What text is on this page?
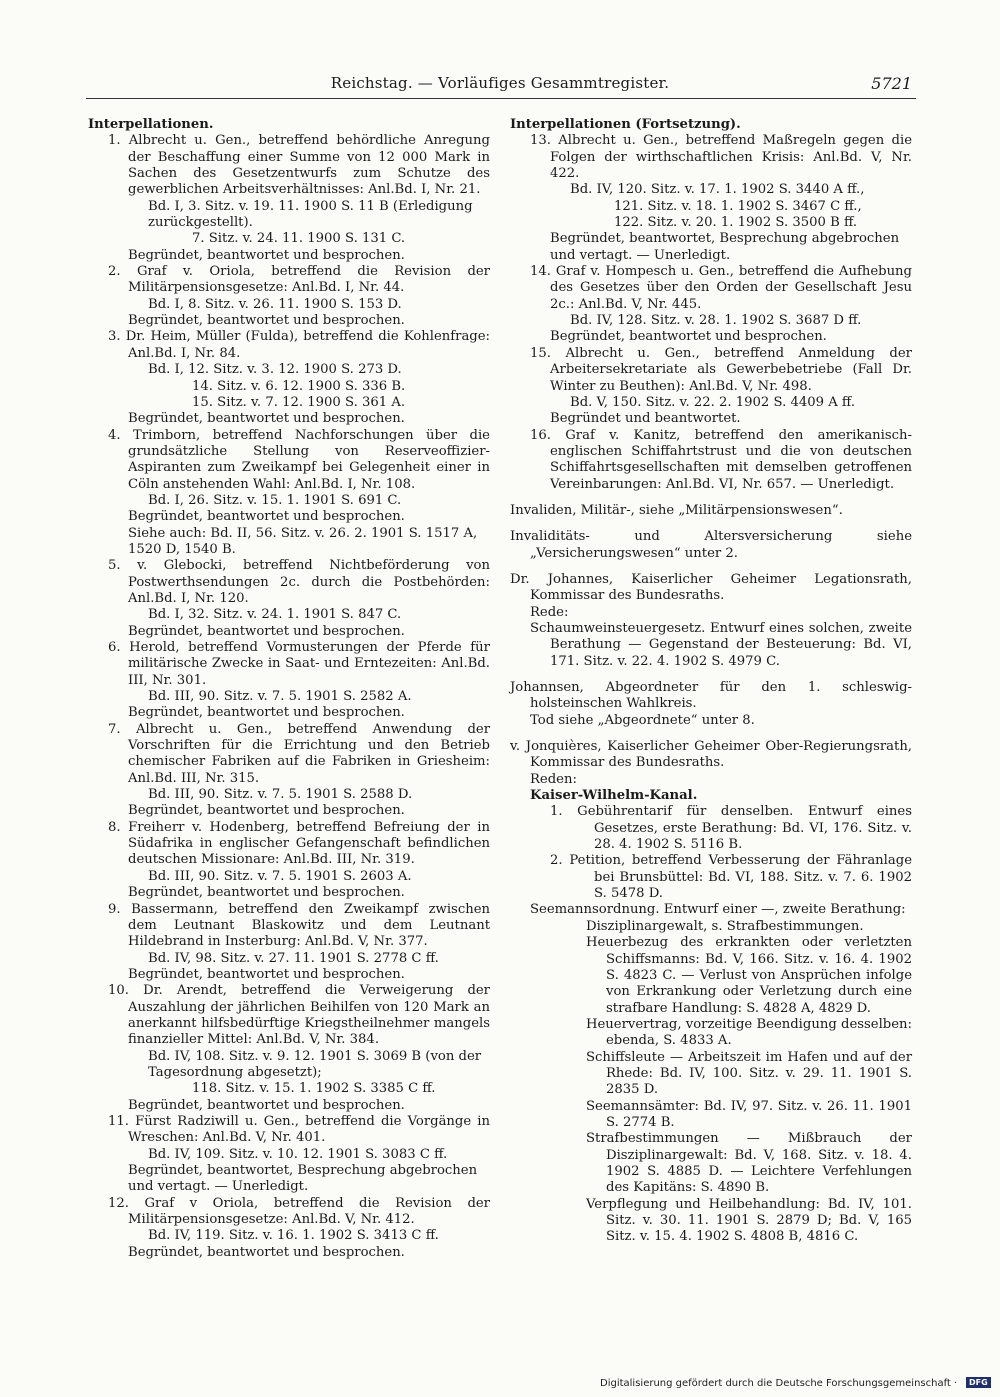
Reichstag. — Vorläufiges Gesammtregister.	5721

Interpellationen.

1. Albrecht u. Gen., betreffend behördliche Anregung der Beschaffung einer Summe von 12 000 Mark in Sachen des Gesetzentwurfs zum Schutze des gewerblichen Arbeitsverhältnisses: Anl.Bd. I, Nr. 21.

Bd. I, 3. Sitz. v. 19. 11. 1900 S. 11 B (Erledigung zurückgestellt).

7. Sitz. v. 24. 11. 1900 S. 131 C.

Begründet, beantwortet und besprochen.

2. Graf v. Oriola, betreffend die Revision der Militärpensionsgesetze: Anl.Bd. I, Nr. 44.

Bd. I, 8. Sitz. v. 26. 11. 1900 S. 153 D.

Begründet, beantwortet und besprochen.

3. Dr. Heim, Müller (Fulda), betreffend die Kohlenfrage: Anl.Bd. I, Nr. 84.

Bd. I, 12. Sitz. v. 3. 12. 1900 S. 273 D.

14. Sitz. v. 6. 12. 1900 S. 336 B.

15. Sitz. v. 7. 12. 1900 S. 361 A.

Begründet, beantwortet und besprochen.

4. Trimborn, betreffend Nachforschungen über die grundsätzliche Stellung von Reserveoffizier-Aspiranten zum Zweikampf bei Gelegenheit einer in Cöln anstehenden Wahl: Anl.Bd. I, Nr. 108.

Bd. I, 26. Sitz. v. 15. 1. 1901 S. 691 C.

Begründet, beantwortet und besprochen.

Siehe auch: Bd. II, 56. Sitz. v. 26. 2. 1901 S. 1517 A, 1520 D, 1540 B.

5. v. Glebocki, betreffend Nichtbeförderung von Postwerthsendungen 2c. durch die Postbehörden: Anl.Bd. I, Nr. 120.

Bd. I, 32. Sitz. v. 24. 1. 1901 S. 847 C.

Begründet, beantwortet und besprochen.

6. Herold, betreffend Vormusterungen der Pferde für militärische Zwecke in Saat- und Erntezeiten: Anl.Bd. III, Nr. 301.

Bd. III, 90. Sitz. v. 7. 5. 1901 S. 2582 A.

Begründet, beantwortet und besprochen.

7. Albrecht u. Gen., betreffend Anwendung der Vorschriften für die Errichtung und den Betrieb chemischer Fabriken auf die Fabriken in Griesheim: Anl.Bd. III, Nr. 315.

Bd. III, 90. Sitz. v. 7. 5. 1901 S. 2588 D.

Begründet, beantwortet und besprochen.

8. Freiherr v. Hodenberg, betreffend Befreiung der in Südafrika in englischer Gefangenschaft befindlichen deutschen Missionare: Anl.Bd. III, Nr. 319.

Bd. III, 90. Sitz. v. 7. 5. 1901 S. 2603 A.

Begründet, beantwortet und besprochen.

9. Bassermann, betreffend den Zweikampf zwischen dem Leutnant Blaskowitz und dem Leutnant Hildebrand in Insterburg: Anl.Bd. V, Nr. 377.

Bd. IV, 98. Sitz. v. 27. 11. 1901 S. 2778 C ff.

Begründet, beantwortet und besprochen.

10. Dr. Arendt, betreffend die Verweigerung der Auszahlung der jährlichen Beihilfen von 120 Mark an anerkannt hilfsbedürftige Kriegstheilnehmer mangels finanzieller Mittel: Anl.Bd. V, Nr. 384.

Bd. IV, 108. Sitz. v. 9. 12. 1901 S. 3069 B (von der Tagesordnung abgesetzt);

118. Sitz. v. 15. 1. 1902 S. 3385 C ff.

Begründet, beantwortet und besprochen.

11. Fürst Radziwill u. Gen., betreffend die Vorgänge in Wreschen: Anl.Bd. V, Nr. 401.

Bd. IV, 109. Sitz. v. 10. 12. 1901 S. 3083 C ff.

Begründet, beantwortet, Besprechung abgebrochen und vertagt. — Unerledigt.

12. Graf v Oriola, betreffend die Revision der Militärpensionsgesetze: Anl.Bd. V, Nr. 412.

Bd. IV, 119. Sitz. v. 16. 1. 1902 S. 3413 C ff.

Begründet, beantwortet und besprochen.

Interpellationen (Fortsetzung).

13. Albrecht u. Gen., betreffend Maßregeln gegen die Folgen der wirthschaftlichen Krisis: Anl.Bd. V, Nr. 422.

Bd. IV, 120. Sitz. v. 17. 1. 1902 S. 3440 A ff.,

121. Sitz. v. 18. 1. 1902 S. 3467 C ff.,

122. Sitz. v. 20. 1. 1902 S. 3500 B ff.

Begründet, beantwortet, Besprechung abgebrochen und vertagt. — Unerledigt.

14. Graf v. Hompesch u. Gen., betreffend die Aufhebung des Gesetzes über den Orden der Gesellschaft Jesu 2c.: Anl.Bd. V, Nr. 445.

Bd. IV, 128. Sitz. v. 28. 1. 1902 S. 3687 D ff.

Begründet, beantwortet und besprochen.

15. Albrecht u. Gen., betreffend Anmeldung der Arbeitersekretariate als Gewerbebetriebe (Fall Dr. Winter zu Beuthen): Anl.Bd. V, Nr. 498.

Bd. V, 150. Sitz. v. 22. 2. 1902 S. 4409 A ff.

Begründet und beantwortet.

16. Graf v. Kanitz, betreffend den amerikanisch-englischen Schiffahrtstrust und die von deutschen Schiffahrtsgesellschaften mit demselben getroffenen Vereinbarungen: Anl.Bd. VI, Nr. 657. — Unerledigt.

Invaliden, Militär-, siehe „Militärpensionswesen“.

Invaliditäts- und Altersversicherung siehe „Versicherungswesen“ unter 2.

Dr. Johannes, Kaiserlicher Geheimer Legationsrath, Kommissar des Bundesraths.

Rede:

Schaumweinsteuergesetz. Entwurf eines solchen, zweite Berathung — Gegenstand der Besteuerung: Bd. VI, 171. Sitz. v. 22. 4. 1902 S. 4979 C.

Johannsen, Abgeordneter für den 1. schleswig-holsteinschen Wahlkreis.

Tod siehe „Abgeordnete“ unter 8.

v. Jonquières, Kaiserlicher Geheimer Ober-Regierungsrath, Kommissar des Bundesraths.

Reden:

Kaiser-Wilhelm-Kanal.

1. Gebührentarif für denselben. Entwurf eines Gesetzes, erste Berathung: Bd. VI, 176. Sitz. v. 28. 4. 1902 S. 5116 B.

2. Petition, betreffend Verbesserung der Fähranlage bei Brunsbüttel: Bd. VI, 188. Sitz. v. 7. 6. 1902 S. 5478 D.

Seemannsordnung. Entwurf einer —, zweite Berathung:

Disziplinargewalt, s. Strafbestimmungen.

Heuerbezug des erkrankten oder verletzten Schiffsmanns: Bd. V, 166. Sitz. v. 16. 4. 1902 S. 4823 C. — Verlust von Ansprüchen infolge von Erkrankung oder Verletzung durch eine strafbare Handlung: S. 4828 A, 4829 D.

Heuervertrag, vorzeitige Beendigung desselben: ebenda, S. 4833 A.

Schiffsleute — Arbeitszeit im Hafen und auf der Rhede: Bd. IV, 100. Sitz. v. 29. 11. 1901 S. 2835 D.

Seemannsämter: Bd. IV, 97. Sitz. v. 26. 11. 1901 S. 2774 B.

Strafbestimmungen — Mißbrauch der Disziplinargewalt: Bd. V, 168. Sitz. v. 18. 4. 1902 S. 4885 D. — Leichtere Verfehlungen des Kapitäns: S. 4890 B.

Verpflegung und Heilbehandlung: Bd. IV, 101. Sitz. v. 30. 11. 1901 S. 2879 D; Bd. V, 165 Sitz. v. 15. 4. 1902 S. 4808 B, 4816 C.

Digitalisierung gefördert durch die Deutsche Forschungsgemeinschaft ·	DFG
